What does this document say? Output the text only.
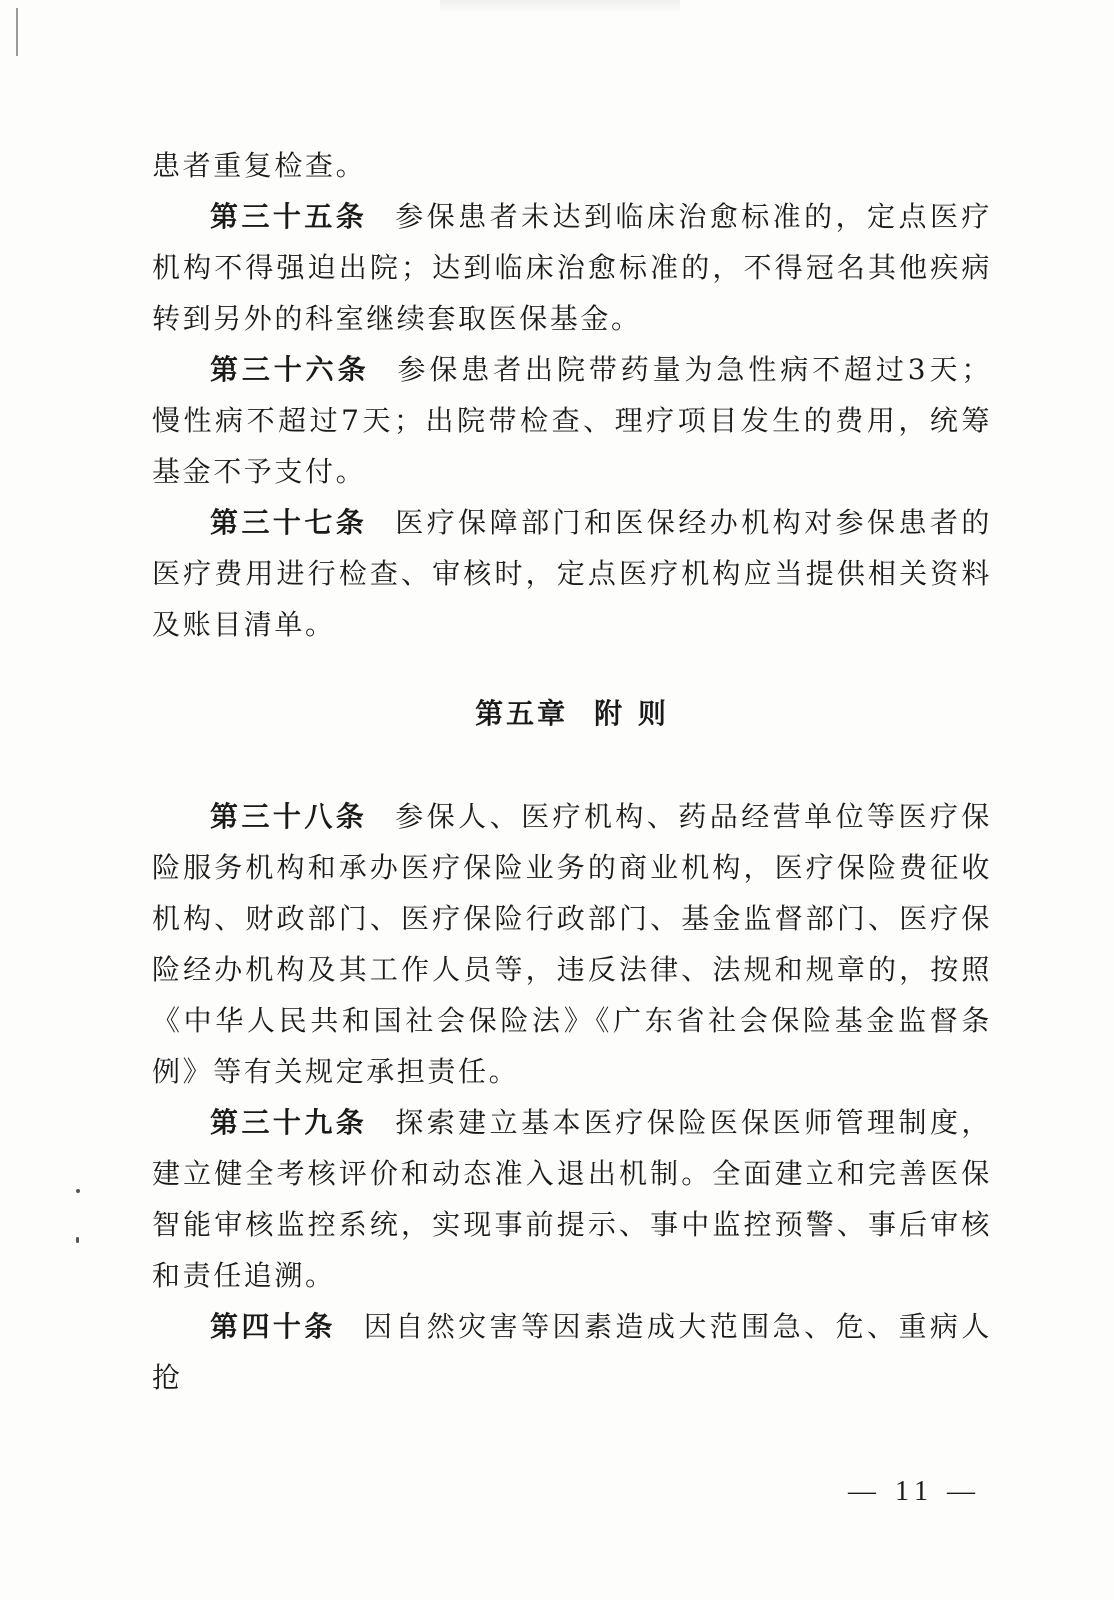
患者重复检查。

第三十五条 参保患者未达到临床治愈标准的，定点医疗机构不得强迫出院；达到临床治愈标准的，不得冠名其他疾病转到另外的科室继续套取医保基金。

第三十六条 参保患者出院带药量为急性病不超过3天；慢性病不超过7天；出院带检查、理疗项目发生的费用，统筹基金不予支付。

第三十七条 医疗保障部门和医保经办机构对参保患者的医疗费用进行检查、审核时，定点医疗机构应当提供相关资料及账目清单。

第五章 附 则

第三十八条 参保人、医疗机构、药品经营单位等医疗保险服务机构和承办医疗保险业务的商业机构，医疗保险费征收机构、财政部门、医疗保险行政部门、基金监督部门、医疗保险经办机构及其工作人员等，违反法律、法规和规章的，按照《中华人民共和国社会保险法》《广东省社会保险基金监督条例》等有关规定承担责任。

第三十九条 探索建立基本医疗保险医保医师管理制度，建立健全考核评价和动态准入退出机制。全面建立和完善医保智能审核监控系统，实现事前提示、事中监控预警、事后审核和责任追溯。

第四十条 因自然灾害等因素造成大范围急、危、重病人抢

— 11 —
